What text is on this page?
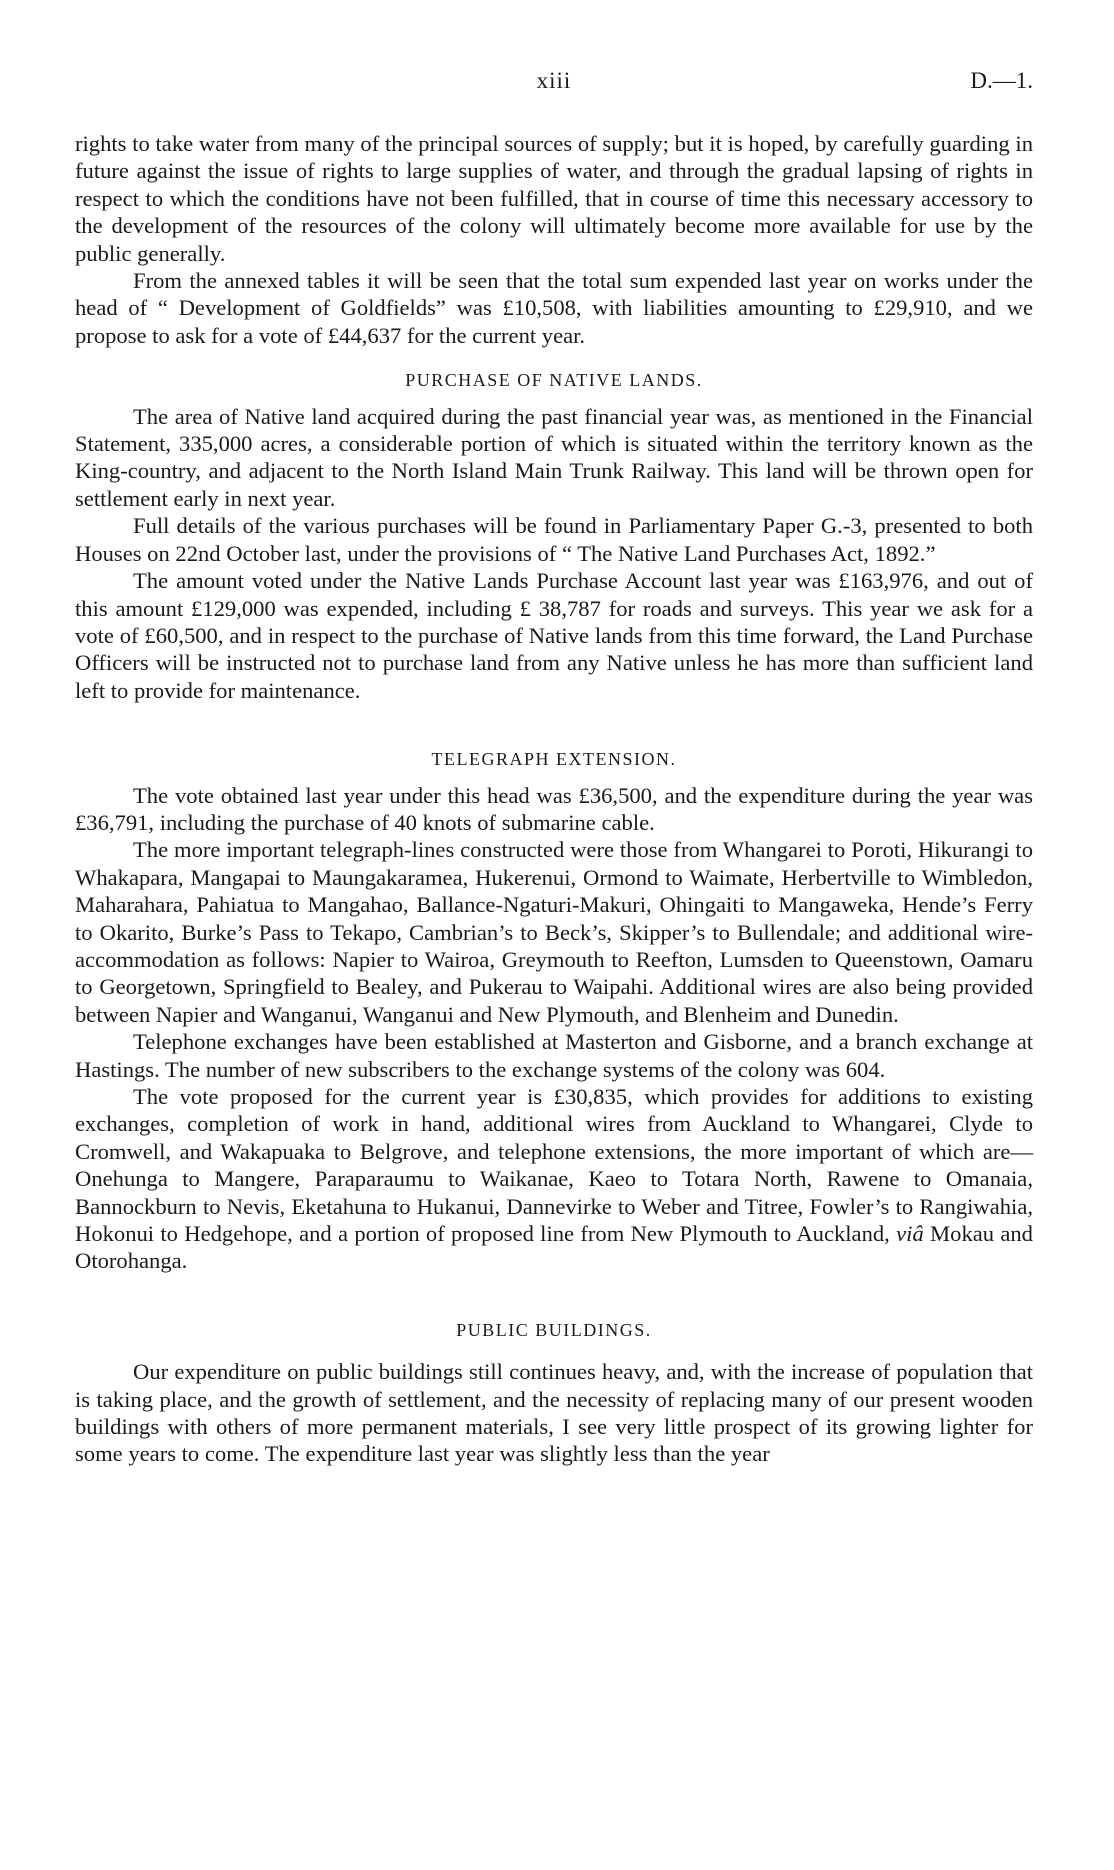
xiii	D.—1.

rights to take water from many of the principal sources of supply; but it is hoped, by carefully guarding in future against the issue of rights to large supplies of water, and through the gradual lapsing of rights in respect to which the conditions have not been fulfilled, that in course of time this necessary accessory to the development of the resources of the colony will ultimately become more available for use by the public generally.

From the annexed tables it will be seen that the total sum expended last year on works under the head of “ Development of Goldfields” was £10,508, with liabilities amounting to £29,910, and we propose to ask for a vote of £44,637 for the current year.

PURCHASE OF NATIVE LANDS.

The area of Native land acquired during the past financial year was, as mentioned in the Financial Statement, 335,000 acres, a considerable portion of which is situated within the territory known as the King-country, and adjacent to the North Island Main Trunk Railway. This land will be thrown open for settlement early in next year.

Full details of the various purchases will be found in Parliamentary Paper G.-3, presented to both Houses on 22nd October last, under the provisions of “ The Native Land Purchases Act, 1892.”

The amount voted under the Native Lands Purchase Account last year was £163,976, and out of this amount £129,000 was expended, including £ 38,787 for roads and surveys. This year we ask for a vote of £60,500, and in respect to the purchase of Native lands from this time forward, the Land Purchase Officers will be instructed not to purchase land from any Native unless he has more than sufficient land left to provide for maintenance.

TELEGRAPH EXTENSION.

The vote obtained last year under this head was £36,500, and the expenditure during the year was £36,791, including the purchase of 40 knots of submarine cable.

The more important telegraph-lines constructed were those from Whangarei to Poroti, Hikurangi to Whakapara, Mangapai to Maungakaramea, Hukerenui, Ormond to Waimate, Herbertville to Wimbledon, Maharahara, Pahiatua to Mangahao, Ballance-Ngaturi-Makuri, Ohingaiti to Mangaweka, Hende’s Ferry to Okarito, Burke’s Pass to Tekapo, Cambrian’s to Beck’s, Skipper’s to Bullendale; and additional wire-accommodation as follows: Napier to Wairoa, Greymouth to Reefton, Lumsden to Queenstown, Oamaru to Georgetown, Springfield to Bealey, and Pukerau to Waipahi. Additional wires are also being provided between Napier and Wanganui, Wanganui and New Plymouth, and Blenheim and Dunedin.

Telephone exchanges have been established at Masterton and Gisborne, and a branch exchange at Hastings. The number of new subscribers to the exchange systems of the colony was 604.

The vote proposed for the current year is £30,835, which provides for additions to existing exchanges, completion of work in hand, additional wires from Auckland to Whangarei, Clyde to Cromwell, and Wakapuaka to Belgrove, and telephone extensions, the more important of which are—Onehunga to Mangere, Paraparaumu to Waikanae, Kaeo to Totara North, Rawene to Omanaia, Bannockburn to Nevis, Eketahuna to Hukanui, Dannevirke to Weber and Titree, Fowler’s to Rangiwahia, Hokonui to Hedgehope, and a portion of proposed line from New Plymouth to Auckland, viâ Mokau and Otorohanga.

PUBLIC BUILDINGS.

Our expenditure on public buildings still continues heavy, and, with the increase of population that is taking place, and the growth of settlement, and the necessity of replacing many of our present wooden buildings with others of more permanent materials, I see very little prospect of its growing lighter for some years to come. The expenditure last year was slightly less than the year
